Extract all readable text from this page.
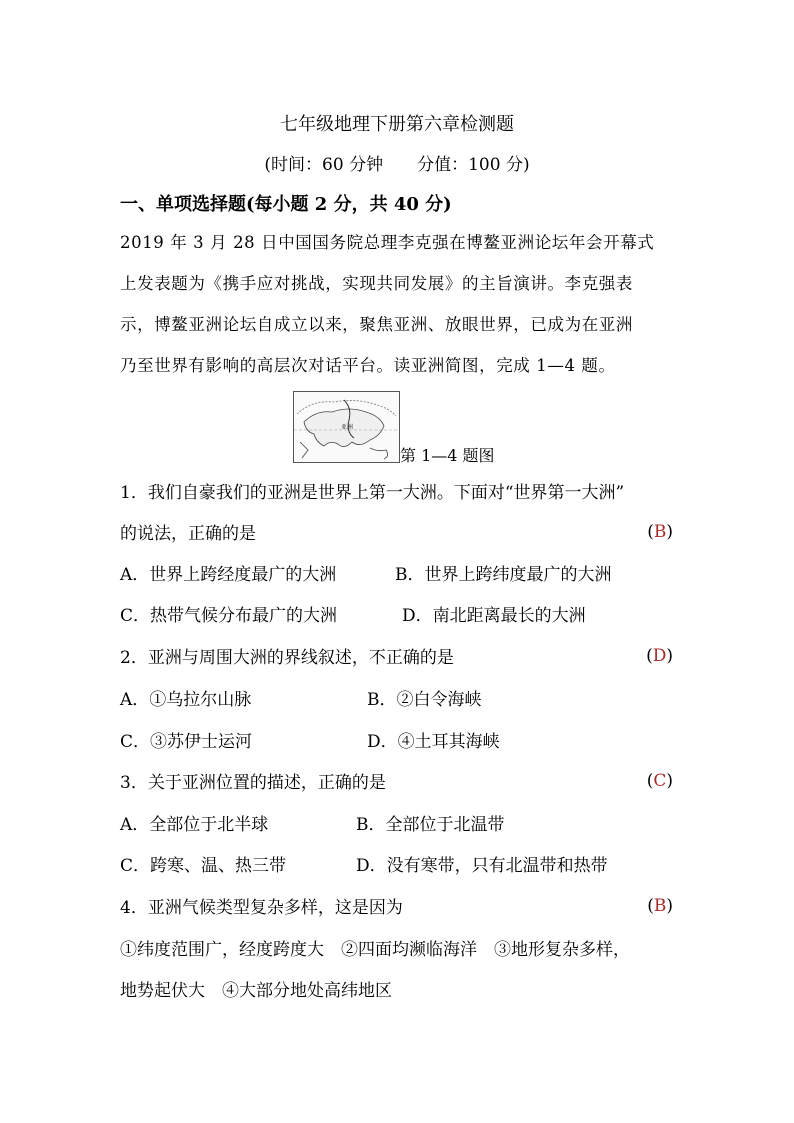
七年级地理下册第六章检测题
(时间：60 分钟 分值：100 分)
一、单项选择题(每小题 2 分，共 40 分)
2019 年 3 月 28 日中国国务院总理李克强在博鳌亚洲论坛年会开幕式
上发表题为《携手应对挑战，实现共同发展》的主旨演讲。李克强表
示，博鳌亚洲论坛自成立以来，聚焦亚洲、放眼世界，已成为在亚洲
乃至世界有影响的高层次对话平台。读亚洲简图，完成 1—4 题。
亚洲
第 1—4 题图
1．我们自豪我们的亚洲是世界上第一大洲。下面对“世界第一大洲”
的说法，正确的是	(B)
A．世界上跨经度最广的大洲	B．世界上跨纬度最广的大洲
C．热带气候分布最广的大洲	D．南北距离最长的大洲
2．亚洲与周围大洲的界线叙述，不正确的是	(D)
A．①乌拉尔山脉	B．②白令海峡
C．③苏伊士运河	D．④土耳其海峡
3．关于亚洲位置的描述，正确的是	(C)
A．全部位于北半球	B．全部位于北温带
C．跨寒、温、热三带	D．没有寒带，只有北温带和热带
4．亚洲气候类型复杂多样，这是因为	(B)
①纬度范围广，经度跨度大　②四面均濒临海洋　③地形复杂多样，
地势起伏大　④大部分地处高纬地区
